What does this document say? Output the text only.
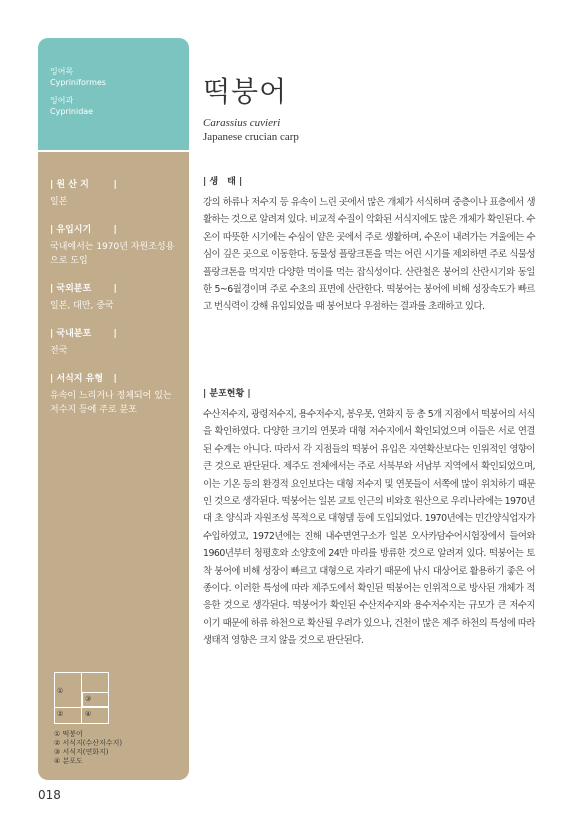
잉어목
Cypriniformes
잉어과
Cyprinidae
| 원 산 지 |
일본
| 유입시기 |
국내에서는 1970년 자원조성용으로 도입
| 국외분포 |
일본, 대만, 중국
| 국내분포 |
전국
| 서식지 유형 |
유속이 느리거나 정체되어 있는 저수지 등에 주로 분포
①
②
③
④
① 떡붕어
② 서식지(수산저수지)
③ 서식지(연화지)
④ 분포도
018
떡붕어
Carassius cuvieri
Japanese crucian carp
| 생　태 |

강의 하류나 저수지 등 유속이 느린 곳에서 많은 개체가 서식하며 중층이나 표층에서 생활하는 것으로 알려져 있다. 비교적 수질이 악화된 서식지에도 많은 개체가 확인된다. 수온이 따뜻한 시기에는 수심이 얕은 곳에서 주로 생활하며, 수온이 내려가는 겨울에는 수심이 깊은 곳으로 이동한다. 동물성 플랑크톤을 먹는 어린 시기를 제외하면 주로 식물성 플랑크톤을 먹지만 다양한 먹이를 먹는 잡식성이다. 산란철은 붕어의 산란시기와 동일한 5~6월경이며 주로 수초의 표면에 산란한다. 떡붕어는 붕어에 비해 성장속도가 빠르고 번식력이 강해 유입되었을 때 붕어보다 우점하는 결과를 초래하고 있다.

| 분포현황 |

수산저수지, 광령저수지, 용수저수지, 봉우못, 연화지 등 총 5개 지점에서 떡붕어의 서식을 확인하였다. 다양한 크기의 연못과 대형 저수지에서 확인되었으며 이들은 서로 연결된 수계는 아니다. 따라서 각 지점들의 떡붕어 유입은 자연확산보다는 인위적인 영향이 큰 것으로 판단된다. 제주도 전체에서는 주로 서북부와 서남부 지역에서 확인되었으며, 이는 기온 등의 환경적 요인보다는 대형 저수지 및 연못들이 서쪽에 많이 위치하기 때문인 것으로 생각된다. 떡붕어는 일본 교토 인근의 비와호 원산으로 우리나라에는 1970년대 초 양식과 자원조성 목적으로 대형댐 등에 도입되었다. 1970년에는 민간양식업자가 수입하였고, 1972년에는 진해 내수면연구소가 일본 오사카담수어시험장에서 들여와 1960년부터 청평호와 소양호에 24만 마리를 방류한 것으로 알려져 있다. 떡붕어는 토착 붕어에 비해 성장이 빠르고 대형으로 자라기 때문에 낚시 대상어로 활용하기 좋은 어종이다. 이러한 특성에 따라 제주도에서 확인된 떡붕어는 인위적으로 방사된 개체가 적응한 것으로 생각된다. 떡붕어가 확인된 수산저수지와 용수저수지는 규모가 큰 저수지이기 때문에 하류 하천으로 확산될 우려가 있으나, 건천이 많은 제주 하천의 특성에 따라 생태적 영향은 크지 않을 것으로 판단된다.
